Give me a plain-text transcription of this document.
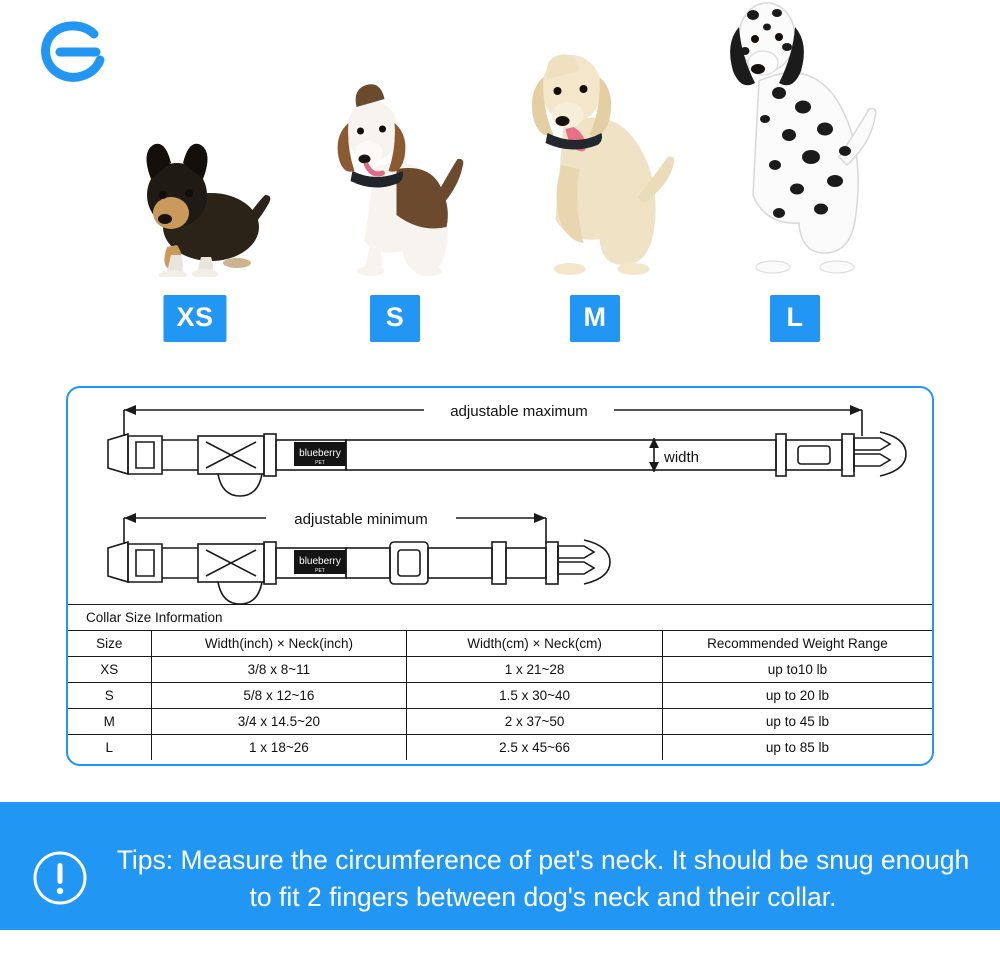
XS	S	M	L
adjustable maximum
adjustable minimum
width
blueberry
PET
blueberry
PET
Collar Size Information			
Size	Width(inch) × Neck(inch)	Width(cm) × Neck(cm)	Recommended Weight Range
XS	3/8 x 8~11	1 x 21~28	up to10 lb
S	5/8 x 12~16	1.5 x 30~40	up to 20 lb
M	3/4 x 14.5~20	2 x 37~50	up to 45 lb
L	1 x 18~26	2.5 x 45~66	up to 85 lb
Tips: Measure the circumference of pet's neck. It should be snug enough to fit 2 fingers between dog's neck and their collar.
